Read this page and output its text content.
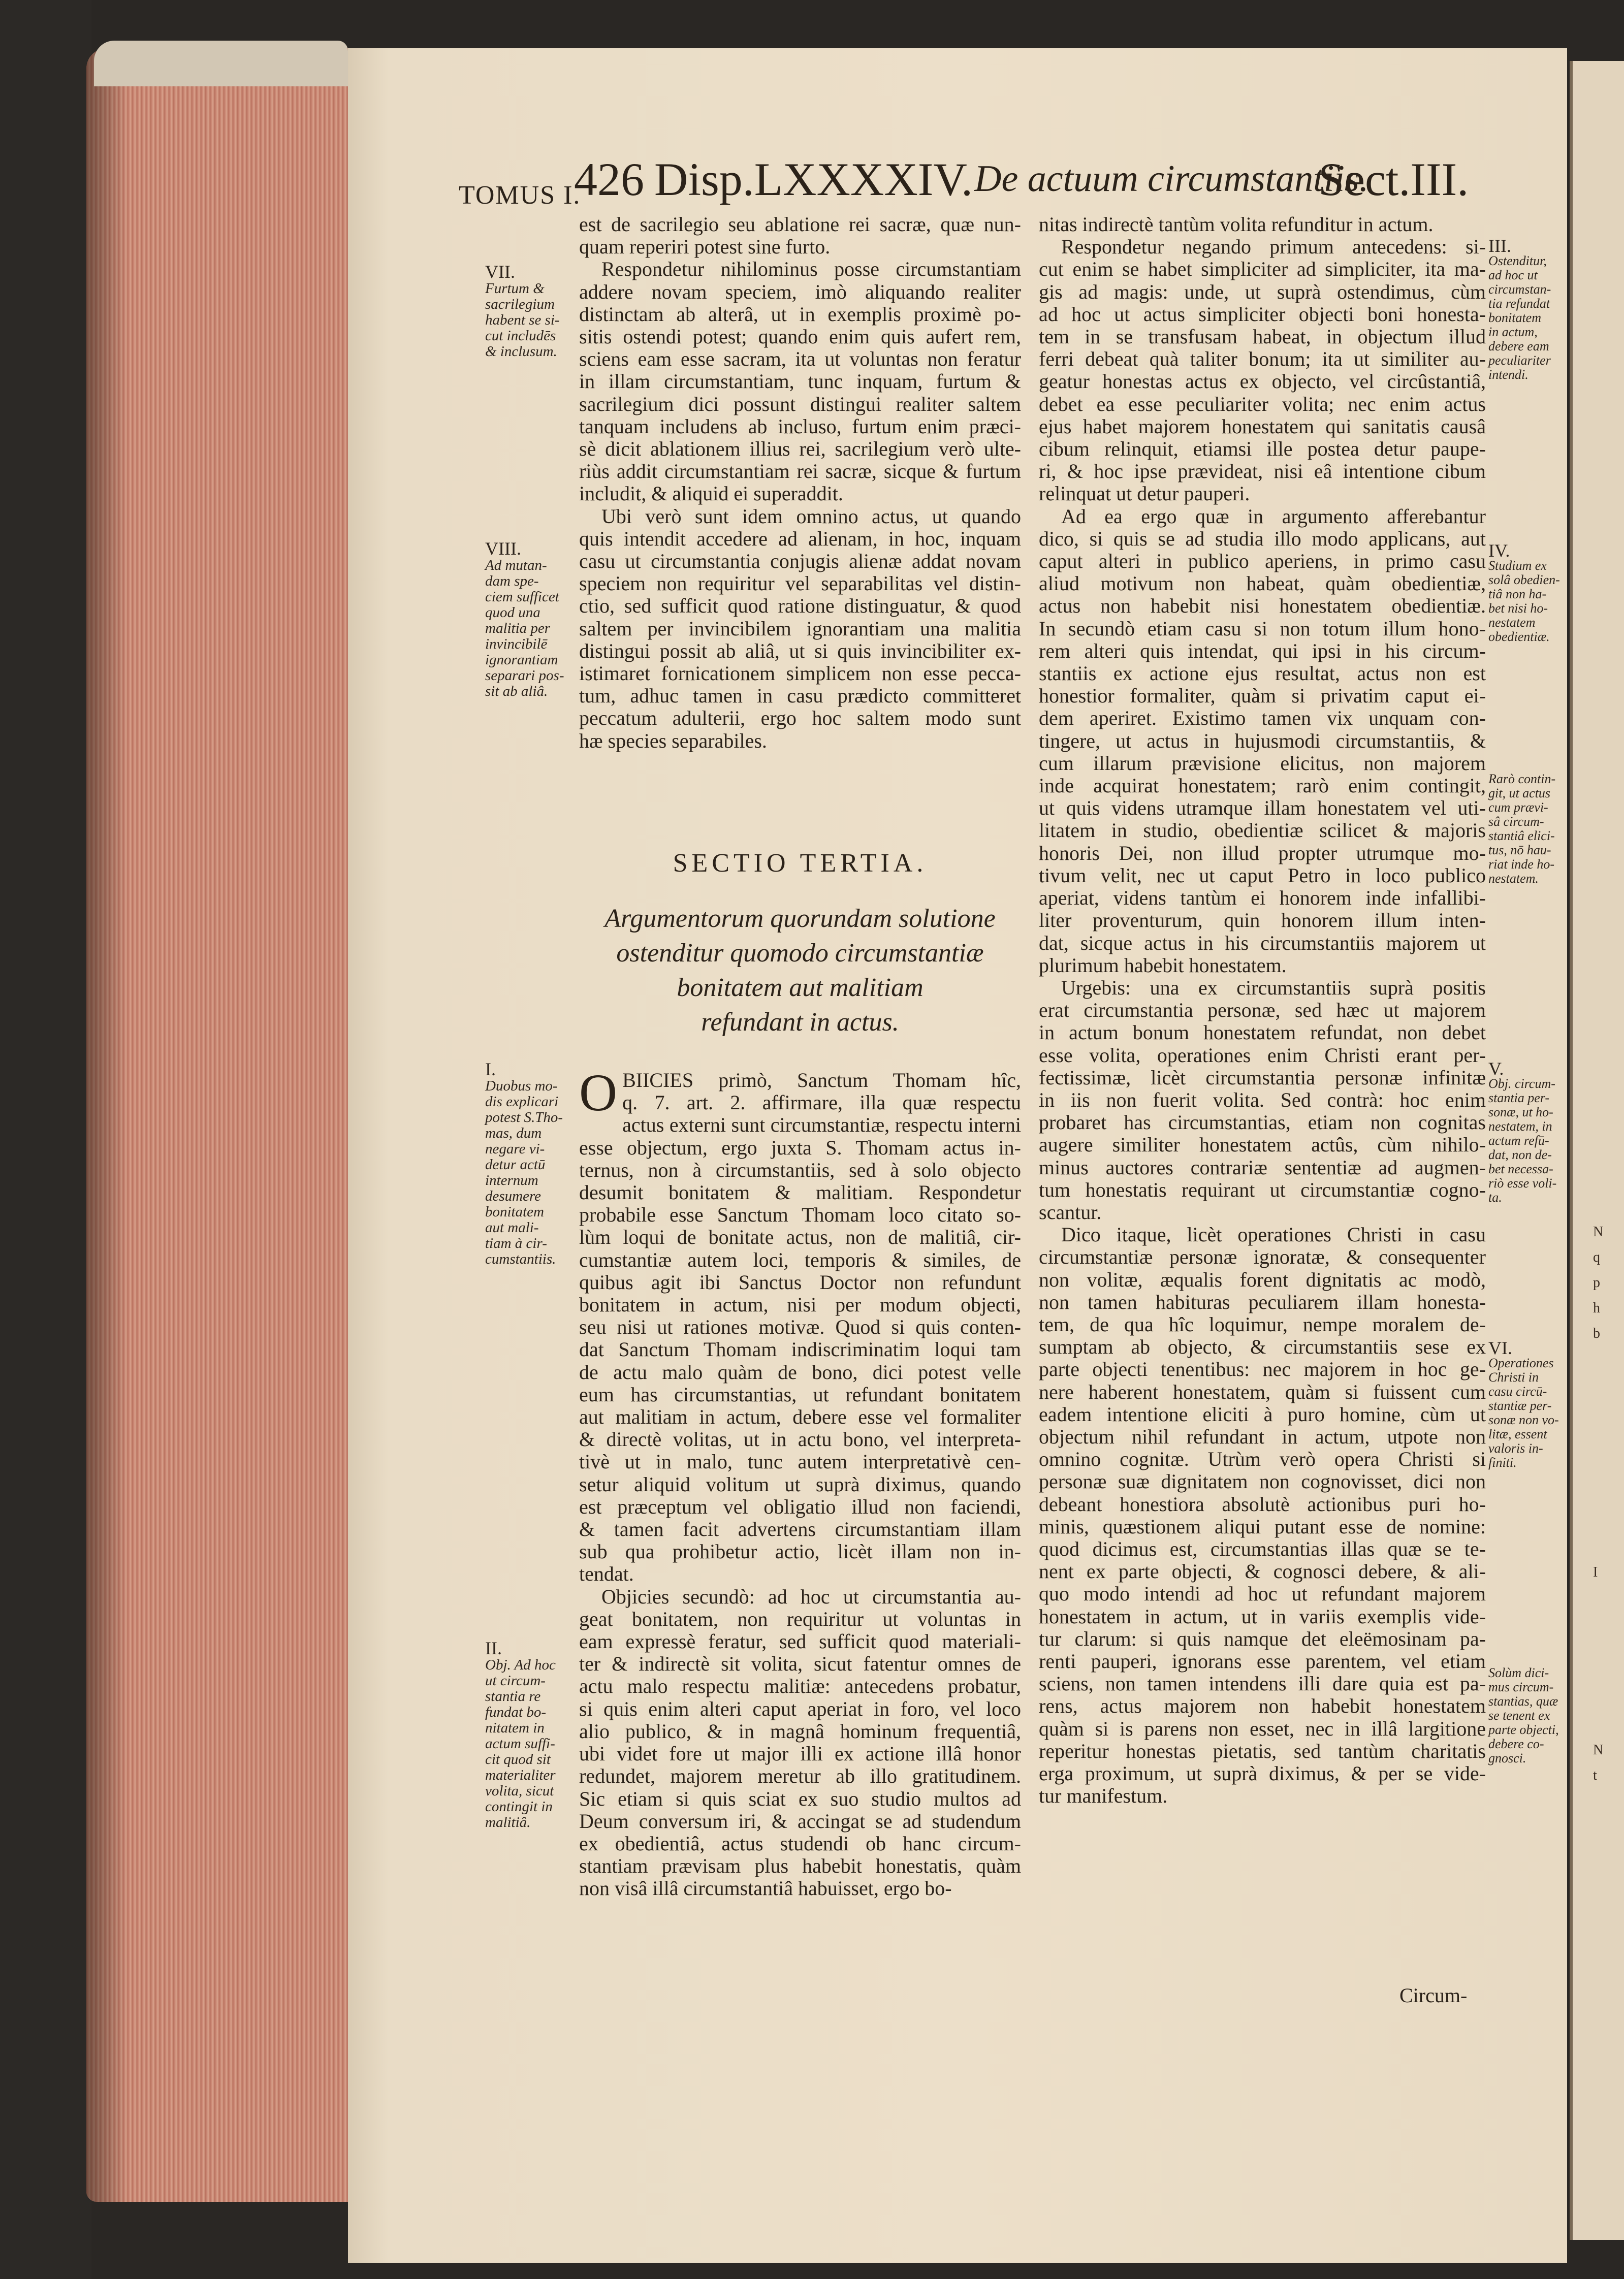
N
q
p
h
b
I
N
t
TOMUS I.
426 Disp.LXXXXIV. De actuum circumstantiis.
Sect.III.
est de sacrilegio seu ablatione rei sacræ, quæ nun-
quam reperiri potest sine furto.
Respondetur nihilominus posse circumstantiam
addere novam speciem, imò aliquando realiter
distinctam ab alterâ, ut in exemplis proximè po-
sitis ostendi potest; quando enim quis aufert rem,
sciens eam esse sacram, ita ut voluntas non feratur
in illam circumstantiam, tunc inquam, furtum &
sacrilegium dici possunt distingui realiter saltem
tanquam includens ab incluso, furtum enim præci-
sè dicit ablationem illius rei, sacrilegium verò ulte-
riùs addit circumstantiam rei sacræ, sicque & furtum
includit, & aliquid ei superaddit.
Ubi verò sunt idem omnino actus, ut quando
quis intendit accedere ad alienam, in hoc, inquam
casu ut circumstantia conjugis alienæ addat novam
speciem non requiritur vel separabilitas vel distin-
ctio, sed sufficit quod ratione distinguatur, & quod
saltem per invincibilem ignorantiam una malitia
distingui possit ab aliâ, ut si quis invincibiliter ex-
istimaret fornicationem simplicem non esse pecca-
tum, adhuc tamen in casu prædicto committeret
peccatum adulterii, ergo hoc saltem modo sunt
hæ species separabiles.
SECTIO TERTIA.
Argumentorum quorundam solutione
ostenditur quomodo circumstantiæ
bonitatem aut malitiam
refundant in actus.
O BIICIES primò, Sanctum Thomam hîc,
q. 7. art. 2. affirmare, illa quæ respectu
actus externi sunt circumstantiæ, respectu interni
esse objectum, ergo juxta S. Thomam actus in-
ternus, non à circumstantiis, sed à solo objecto
desumit bonitatem & malitiam. Respondetur
probabile esse Sanctum Thomam loco citato so-
lùm loqui de bonitate actus, non de malitiâ, cir-
cumstantiæ autem loci, temporis & similes, de
quibus agit ibi Sanctus Doctor non refundunt
bonitatem in actum, nisi per modum objecti,
seu nisi ut rationes motivæ. Quod si quis conten-
dat Sanctum Thomam indiscriminatim loqui tam
de actu malo quàm de bono, dici potest velle
eum has circumstantias, ut refundant bonitatem
aut malitiam in actum, debere esse vel formaliter
& directè volitas, ut in actu bono, vel interpreta-
tivè ut in malo, tunc autem interpretativè cen-
setur aliquid volitum ut suprà diximus, quando
est præceptum vel obligatio illud non faciendi,
& tamen facit advertens circumstantiam illam
sub qua prohibetur actio, licèt illam non in-
tendat.
Objicies secundò: ad hoc ut circumstantia au-
geat bonitatem, non requiritur ut voluntas in
eam expressè feratur, sed sufficit quod materiali-
ter & indirectè sit volita, sicut fatentur omnes de
actu malo respectu malitiæ: antecedens probatur,
si quis enim alteri caput aperiat in foro, vel loco
alio publico, & in magnâ hominum frequentiâ,
ubi videt fore ut major illi ex actione illâ honor
redundet, majorem meretur ab illo gratitudinem.
Sic etiam si quis sciat ex suo studio multos ad
Deum conversum iri, & accingat se ad studendum
ex obedientiâ, actus studendi ob hanc circum-
stantiam prævisam plus habebit honestatis, quàm
non visâ illâ circumstantiâ habuisset, ergo bo-
nitas indirectè tantùm volita refunditur in actum.
Respondetur negando primum antecedens: si-
cut enim se habet simpliciter ad simpliciter, ita ma-
gis ad magis: unde, ut suprà ostendimus, cùm
ad hoc ut actus simpliciter objecti boni honesta-
tem in se transfusam habeat, in objectum illud
ferri debeat quà taliter bonum; ita ut similiter au-
geatur honestas actus ex objecto, vel circûstantiâ,
debet ea esse peculiariter volita; nec enim actus
ejus habet majorem honestatem qui sanitatis causâ
cibum relinquit, etiamsi ille postea detur paupe-
ri, & hoc ipse prævideat, nisi eâ intentione cibum
relinquat ut detur pauperi.
Ad ea ergo quæ in argumento afferebantur
dico, si quis se ad studia illo modo applicans, aut
caput alteri in publico aperiens, in primo casu
aliud motivum non habeat, quàm obedientiæ,
actus non habebit nisi honestatem obedientiæ.
In secundò etiam casu si non totum illum hono-
rem alteri quis intendat, qui ipsi in his circum-
stantiis ex actione ejus resultat, actus non est
honestior formaliter, quàm si privatim caput ei-
dem aperiret. Existimo tamen vix unquam con-
tingere, ut actus in hujusmodi circumstantiis, &
cum illarum prævisione elicitus, non majorem
inde acquirat honestatem; rarò enim contingit,
ut quis videns utramque illam honestatem vel uti-
litatem in studio, obedientiæ scilicet & majoris
honoris Dei, non illud propter utrumque mo-
tivum velit, nec ut caput Petro in loco publico
aperiat, videns tantùm ei honorem inde infallibi-
liter proventurum, quin honorem illum inten-
dat, sicque actus in his circumstantiis majorem ut
plurimum habebit honestatem.
Urgebis: una ex circumstantiis suprà positis
erat circumstantia personæ, sed hæc ut majorem
in actum bonum honestatem refundat, non debet
esse volita, operationes enim Christi erant per-
fectissimæ, licèt circumstantia personæ infinitæ
in iis non fuerit volita. Sed contrà: hoc enim
probaret has circumstantias, etiam non cognitas
augere similiter honestatem actûs, cùm nihilo-
minus auctores contrariæ sententiæ ad augmen-
tum honestatis requirant ut circumstantiæ cogno-
scantur.
Dico itaque, licèt operationes Christi in casu
circumstantiæ personæ ignoratæ, & consequenter
non volitæ, æqualis forent dignitatis ac modò,
non tamen habituras peculiarem illam honesta-
tem, de qua hîc loquimur, nempe moralem de-
sumptam ab objecto, & circumstantiis sese ex
parte objecti tenentibus: nec majorem in hoc ge-
nere haberent honestatem, quàm si fuissent cum
eadem intentione eliciti à puro homine, cùm ut
objectum nihil refundant in actum, utpote non
omnino cognitæ. Utrùm verò opera Christi si
personæ suæ dignitatem non cognovisset, dici non
debeant honestiora absolutè actionibus puri ho-
minis, quæstionem aliqui putant esse de nomine:
quod dicimus est, circumstantias illas quæ se te-
nent ex parte objecti, & cognosci debere, & ali-
quo modo intendi ad hoc ut refundant majorem
honestatem in actum, ut in variis exemplis vide-
tur clarum: si quis namque det eleëmosinam pa-
renti pauperi, ignorans esse parentem, vel etiam
sciens, non tamen intendens illi dare quia est pa-
rens, actus majorem non habebit honestatem
quàm si is parens non esset, nec in illâ largitione
reperitur honestas pietatis, sed tantùm charitatis
erga proximum, ut suprà diximus, & per se vide-
tur manifestum.
Circum-
VII.
Furtum &
sacrilegium
habent se si-
cut includēs
& inclusum.
VIII.
Ad mutan-
dam spe-
ciem sufficet
quod una
malitia per
invincibilē
ignorantiam
separari pos-
sit ab aliâ.
I.
Duobus mo-
dis explicari
potest S.Tho-
mas, dum
negare vi-
detur actū
internum
desumere
bonitatem
aut mali-
tiam à cir-
cumstantiis.
II.
Obj. Ad hoc
ut circum-
stantia re
fundat bo-
nitatem in
actum suffi-
cit quod sit
materialiter
volita, sicut
contingit in
malitiâ.
III.
Ostenditur,
ad hoc ut
circumstan-
tia refundat
bonitatem
in actum,
debere eam
peculiariter
intendi.
IV.
Studium ex
solâ obedien-
tiâ non ha-
bet nisi ho-
nestatem
obedientiæ.
Rarò contin-
git, ut actus
cum prævi-
sâ circum-
stantiâ elici-
tus, nō hau-
riat inde ho-
nestatem.
V.
Obj. circum-
stantia per-
sonæ, ut ho-
nestatem, in
actum refū-
dat, non de-
bet necessa-
riò esse voli-
ta.
VI.
Operationes
Christi in
casu circū-
stantiæ per-
sonæ non vo-
litæ, essent
valoris in-
finiti.
Solùm dici-
mus circum-
stantias, quæ
se tenent ex
parte objecti,
debere co-
gnosci.
